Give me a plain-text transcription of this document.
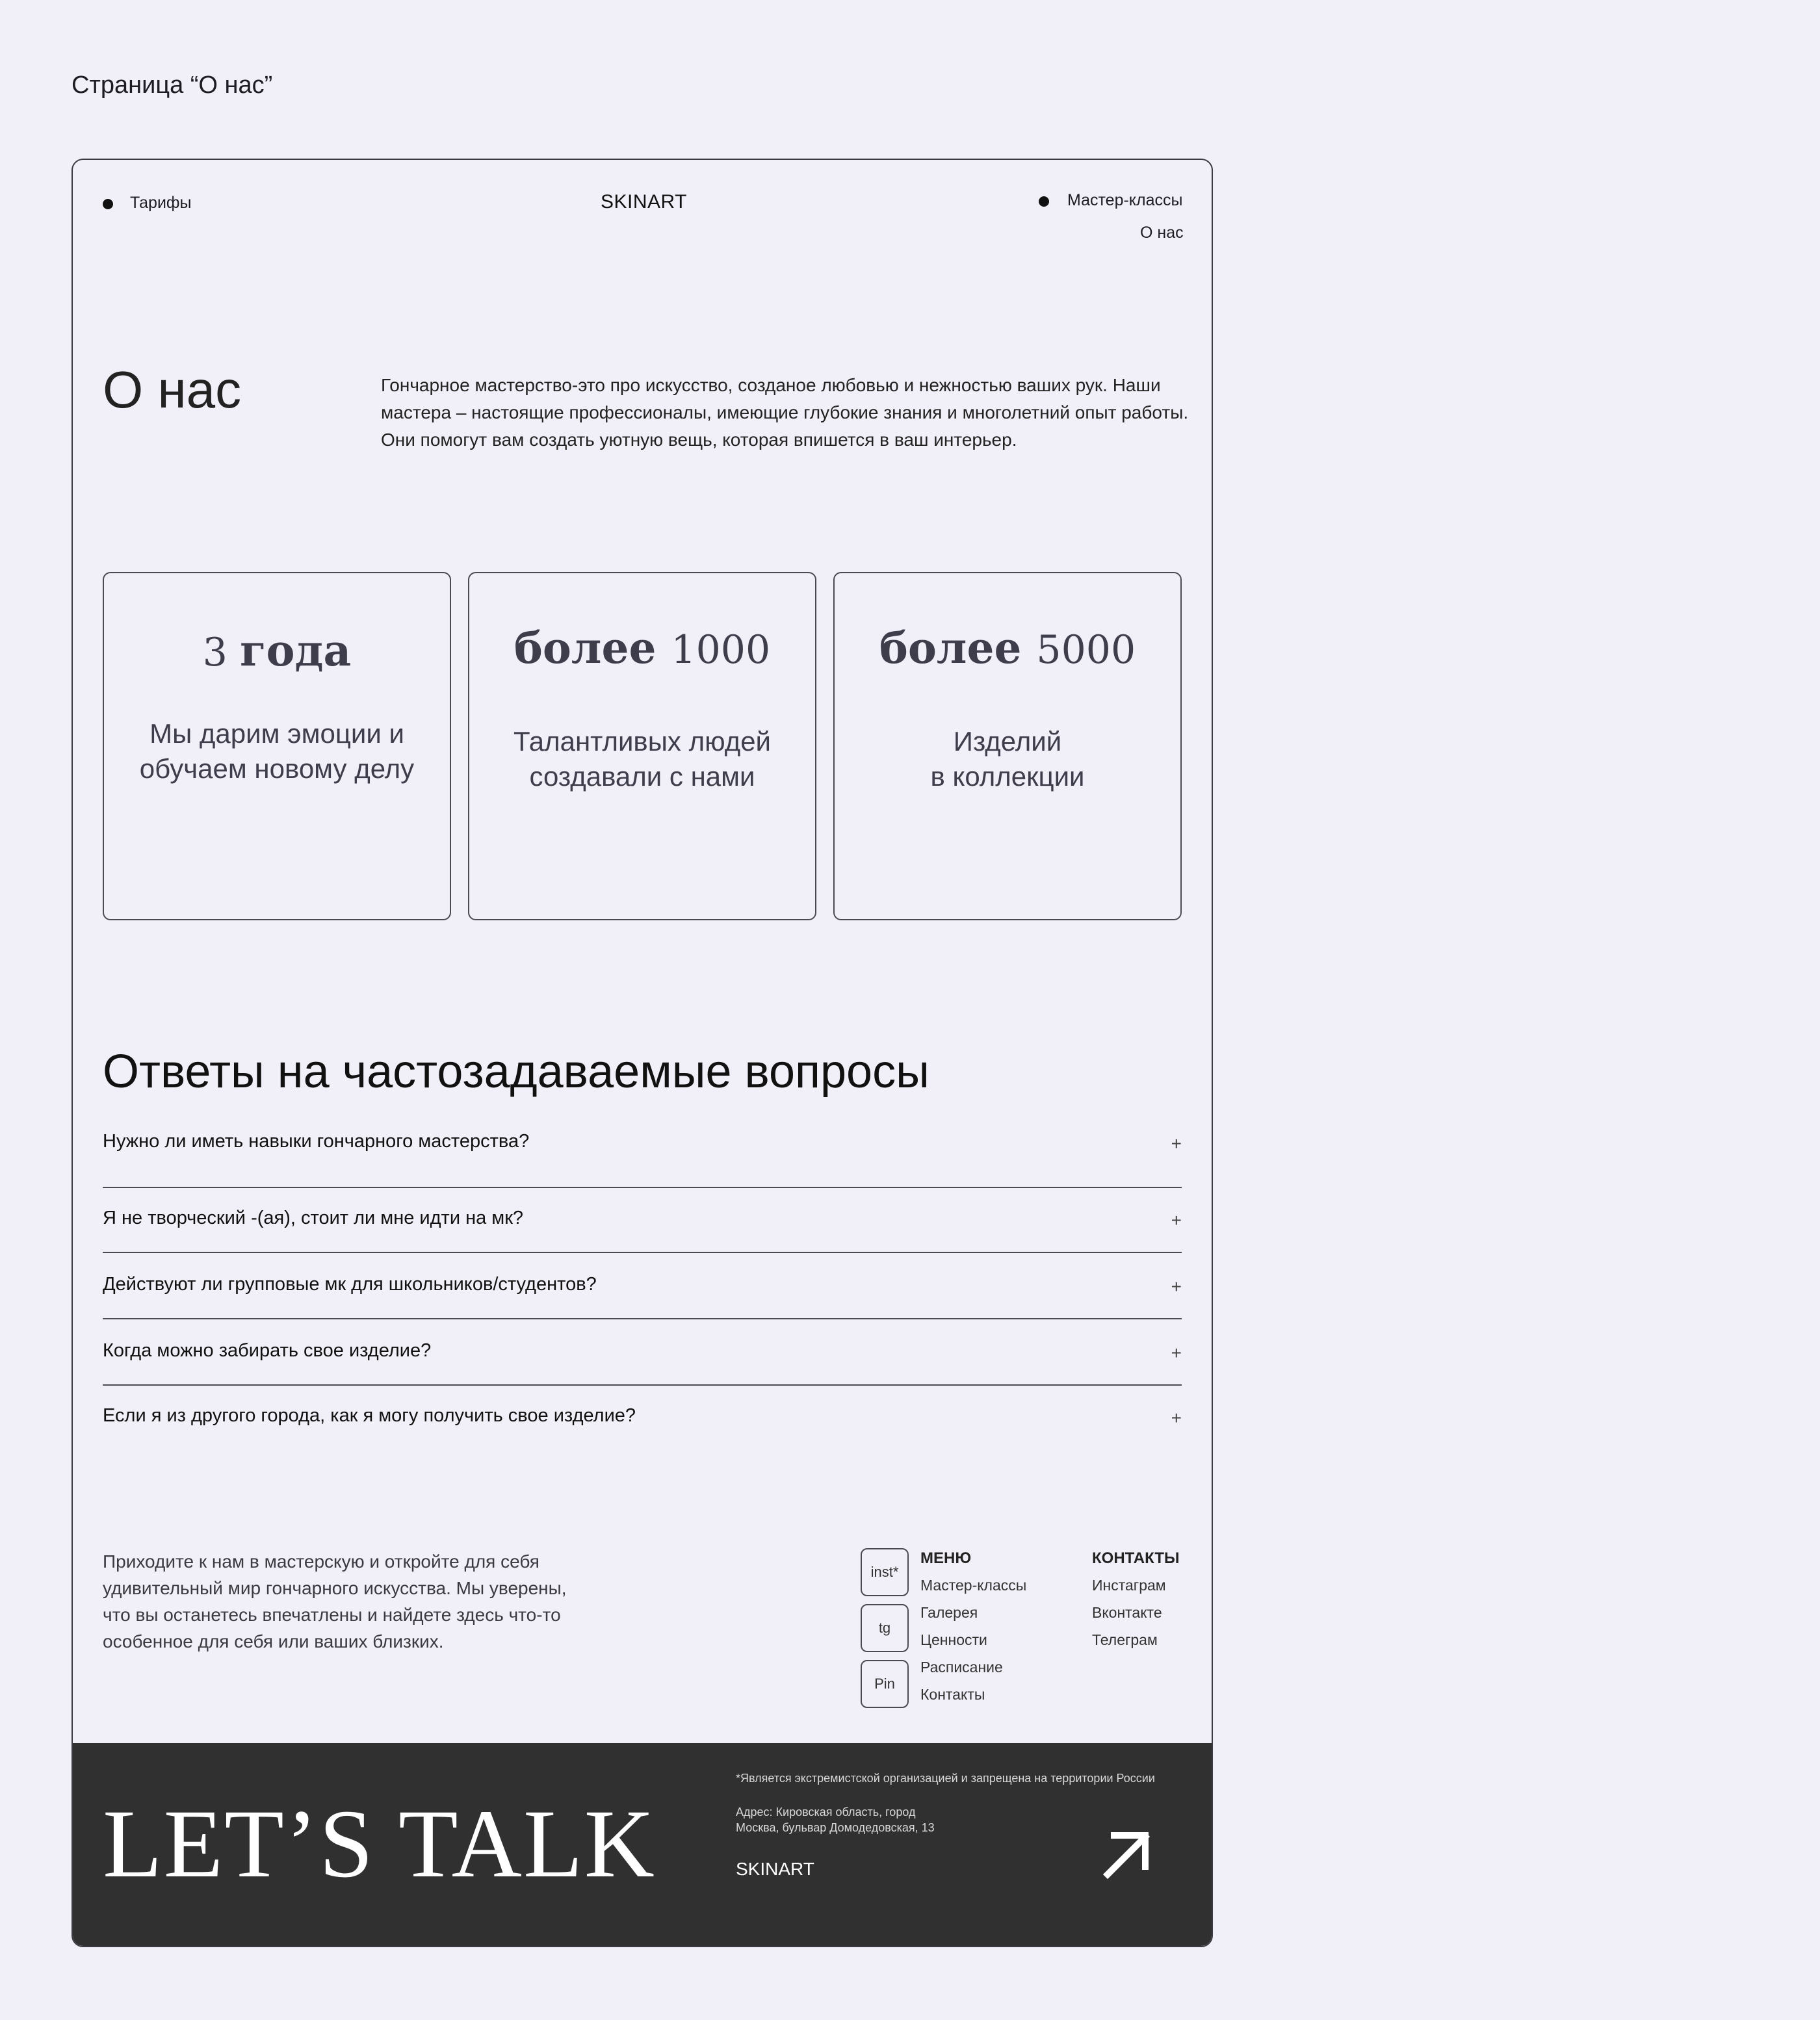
Страница “О нас”
Тарифы	SKINART	Мастер-классы
О нас
О нас	Гончарное мастерство-это про искусство, созданое любовью и нежностью ваших рук. Наши мастера – настоящие профессионалы, имеющие глубокие знания и многолетний опыт работы. Они помогут вам создать уютную вещь, которая впишется в ваш интерьер.

3 года
Мы дарим эмоции и
обучаем новому делу
более 1000
Талантливых людей
создавали с нами
более 5000
Изделий
в коллекции
Ответы на частозадаваемые вопросы
Нужно ли иметь навыки гончарного мастерства?	+
Я не творческий -(ая), стоит ли мне идти на мк?	+
Действуют ли групповые мк для школьников/студентов?	+
Когда можно забирать свое изделие?	+
Если я из другого города, как я могу получить свое изделие?	+
Приходите к нам в мастерскую и откройте для себя
удивительный мир гончарного искусства. Мы уверены,
что вы останетесь впечатлены и найдете здесь что-то
особенное для себя или ваших близких.
inst*
tg
Pin
МЕНЮ
Мастер-классы
Галерея
Ценности
Расписание
Контакты
КОНТАКТЫ
Инстаграм
Вконтакте
Телеграм
LET’S TALK
*Является экстремистской организацией и запрещена на территории России
Адрес: Кировская область, город
Москва, бульвар Домодедовская, 13
SKINART
